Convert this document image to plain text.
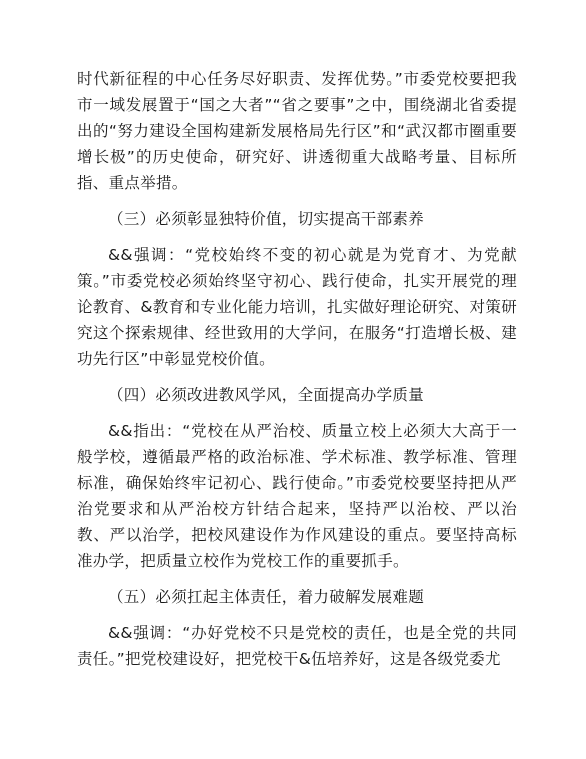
时代新征程的中心任务尽好职责、发挥优势。”市委党校要把我市一域发展置于“国之大者”“省之要事”之中，围绕湖北省委提出的“努力建设全国构建新发展格局先行区”和“武汉都市圈重要增长极”的历史使命，研究好、讲透彻重大战略考量、目标所指、重点举措。

（三）必须彰显独特价值，切实提高干部素养

&&强调：“党校始终不变的初心就是为党育才、为党献策。”市委党校必须始终坚守初心、践行使命，扎实开展党的理论教育、&教育和专业化能力培训，扎实做好理论研究、对策研究这个探索规律、经世致用的大学问，在服务“打造增长极、建功先行区”中彰显党校价值。

（四）必须改进教风学风，全面提高办学质量

&&指出：“党校在从严治校、质量立校上必须大大高于一般学校，遵循最严格的政治标准、学术标准、教学标准、管理标准，确保始终牢记初心、践行使命。”市委党校要坚持把从严治党要求和从严治校方针结合起来，坚持严以治校、严以治教、严以治学，把校风建设作为作风建设的重点。要坚持高标准办学，把质量立校作为党校工作的重要抓手。

（五）必须扛起主体责任，着力破解发展难题

&&强调：“办好党校不只是党校的责任，也是全党的共同责任。”把党校建设好，把党校干&伍培养好，这是各级党委尤
